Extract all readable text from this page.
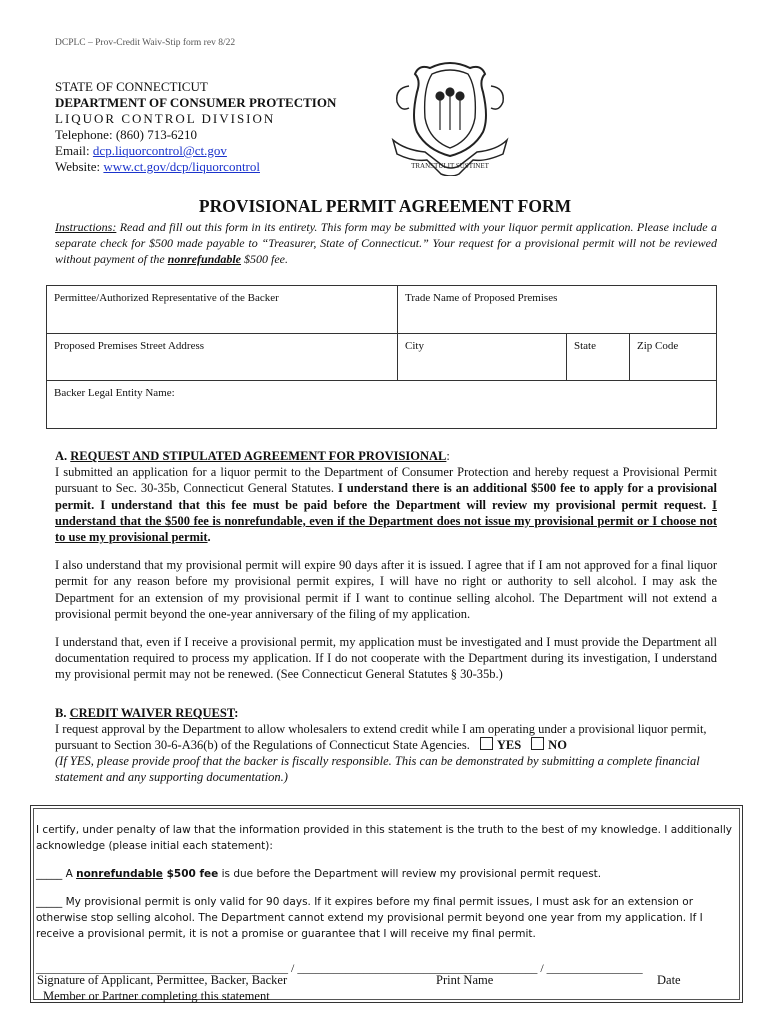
DCPLC – Prov-Credit Waiv-Stip form rev 8/22
STATE OF CONNECTICUT
DEPARTMENT OF CONSUMER PROTECTION
LIQUOR CONTROL DIVISION
Telephone: (860) 713-6210
Email: dcp.liquorcontrol@ct.gov
Website: www.ct.gov/dcp/liquorcontrol	TRANSTULIT SUSTINET
PROVISIONAL PERMIT AGREEMENT FORM
Instructions: Read and fill out this form in its entirety. This form may be submitted with your liquor permit application. Please include a separate check for $500 made payable to “Treasurer, State of Connecticut.” Your request for a provisional permit will not be reviewed without payment of the nonrefundable $500 fee.
Permittee/Authorized Representative of the Backer	Trade Name of Proposed Premises		
Proposed Premises Street Address	City	State	Zip Code
Backer Legal Entity Name:			
A. REQUEST AND STIPULATED AGREEMENT FOR PROVISIONAL:

I submitted an application for a liquor permit to the Department of Consumer Protection and hereby request a Provisional Permit pursuant to Sec. 30-35b, Connecticut General Statutes. I understand there is an additional $500 fee to apply for a provisional permit. I understand that this fee must be paid before the Department will review my provisional permit request. I understand that the $500 fee is nonrefundable, even if the Department does not issue my provisional permit or I choose not to use my provisional permit.

I also understand that my provisional permit will expire 90 days after it is issued. I agree that if I am not approved for a final liquor permit for any reason before my provisional permit expires, I will have no right or authority to sell alcohol. I may ask the Department for an extension of my provisional permit if I want to continue selling alcohol. The Department will not extend a provisional permit beyond the one-year anniversary of the filing of my application.

I understand that, even if I receive a provisional permit, my application must be investigated and I must provide the Department all documentation required to process my application. If I do not cooperate with the Department during its investigation, I understand my provisional permit may not be renewed. (See Connecticut General Statutes § 30-35b.)

B. CREDIT WAIVER REQUEST:
I request approval by the Department to allow wholesalers to extend credit while I am operating under a provisional liquor permit, pursuant to Section 30-6-A36(b) of the Regulations of Connecticut State Agencies. YES NO
(If YES, please provide proof that the backer is fiscally responsible. This can be demonstrated by submitting a complete financial statement and any supporting documentation.)

I certify, under penalty of law that the information provided in this statement is the truth to the best of my knowledge. I additionally acknowledge (please initial each statement):

_____ A nonrefundable $500 fee is due before the Department will review my provisional permit request.

_____ My provisional permit is only valid for 90 days. If it expires before my final permit issues, I must ask for an extension or otherwise stop selling alcohol. The Department cannot extend my provisional permit beyond one year from my application. If I receive a provisional permit, it is not a promise or guarantee that I will receive my final permit.

__________________________________________ / ________________________________________ / ________________
Signature of Applicant, Permittee, Backer, Backer
Member or Partner completing this statement
Print Name	Date
